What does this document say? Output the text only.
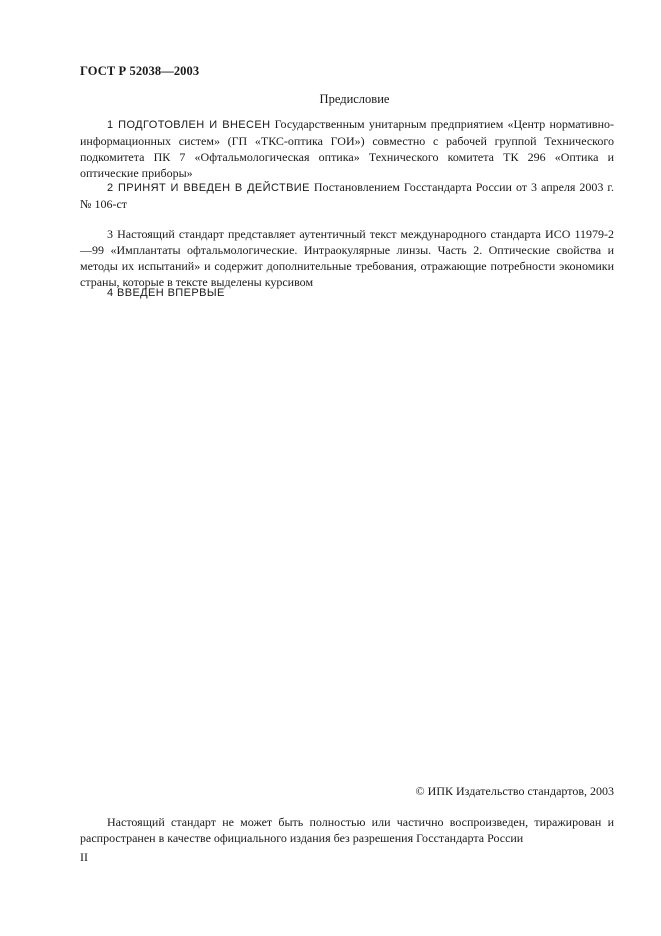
ГОСТ Р 52038—2003
Предисловие

1 ПОДГОТОВЛЕН И ВНЕСЕН Государственным унитарным предприятием «Центр нормативно-информационных систем» (ГП «ТКС-оптика ГОИ») совместно с рабочей группой Технического подкомитета ПК 7 «Офтальмологическая оптика» Технического комитета ТК 296 «Оптика и оптические приборы»

2 ПРИНЯТ И ВВЕДЕН В ДЕЙСТВИЕ Постановлением Госстандарта России от 3 апреля 2003 г. № 106-ст

3 Настоящий стандарт представляет аутентичный текст международного стандарта ИСО 11979-2—99 «Имплантаты офтальмологические. Интраокулярные линзы. Часть 2. Оптические свойства и методы их испытаний» и содержит дополнительные требования, отражающие потребности экономики страны, которые в тексте выделены курсивом

4 ВВЕДЕН ВПЕРВЫЕ

© ИПК Издательство стандартов, 2003

Настоящий стандарт не может быть полностью или частично воспроизведен, тиражирован и распространен в качестве официального издания без разрешения Госстандарта России

II
